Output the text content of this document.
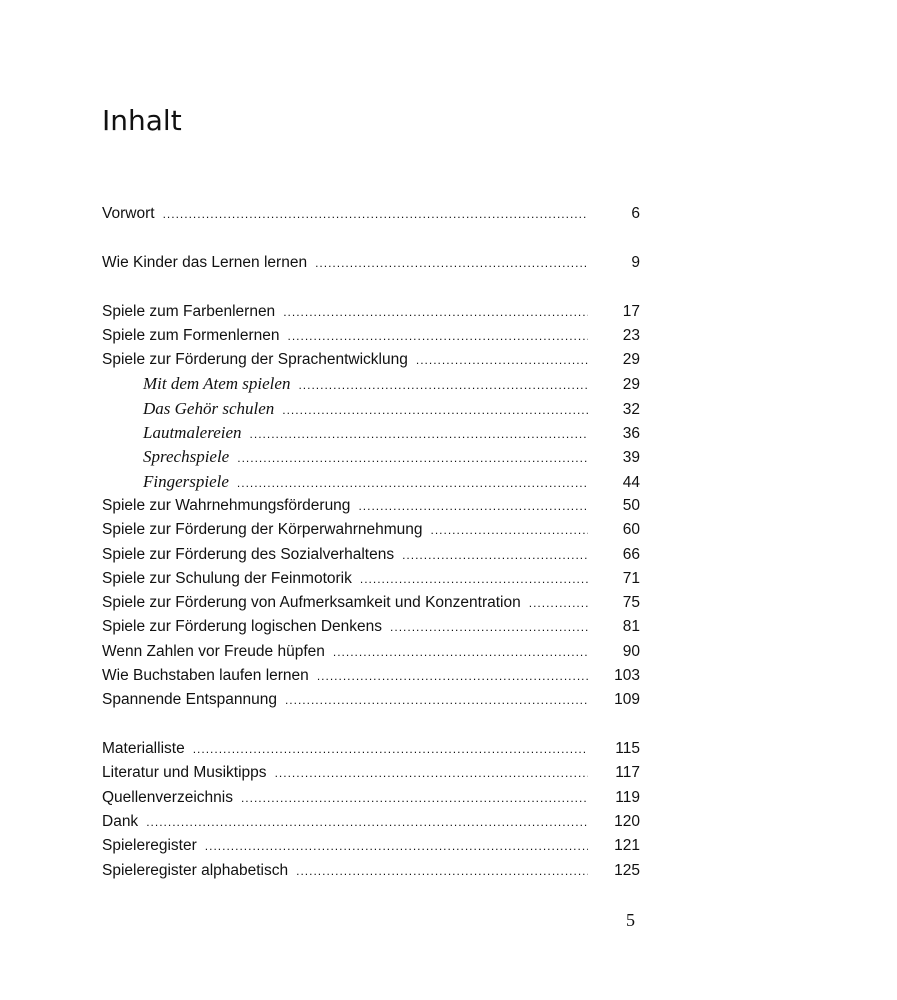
Inhalt
Vorwort .....	6
Wie Kinder das Lernen lernen .....	9
Spiele zum Farbenlernen .....	17
Spiele zum Formenlernen .....	23
Spiele zur Förderung der Sprachentwicklung .....	29
Mit dem Atem spielen .....	29
Das Gehör schulen .....	32
Lautmalereien .....	36
Sprechspiele .....	39
Fingerspiele .....	44
Spiele zur Wahrnehmungsförderung .....	50
Spiele zur Förderung der Körperwahrnehmung .....	60
Spiele zur Förderung des Sozialverhaltens .....	66
Spiele zur Schulung der Feinmotorik .....	71
Spiele zur Förderung von Aufmerksamkeit und Konzentration .....	75
Spiele zur Förderung logischen Denkens .....	81
Wenn Zahlen vor Freude hüpfen .....	90
Wie Buchstaben laufen lernen .....	103
Spannende Entspannung .....	109
Materialliste .....	115
Literatur und Musiktipps .....	117
Quellenverzeichnis .....	119
Dank .....	120
Spieleregister .....	121
Spieleregister alphabetisch .....	125
5
